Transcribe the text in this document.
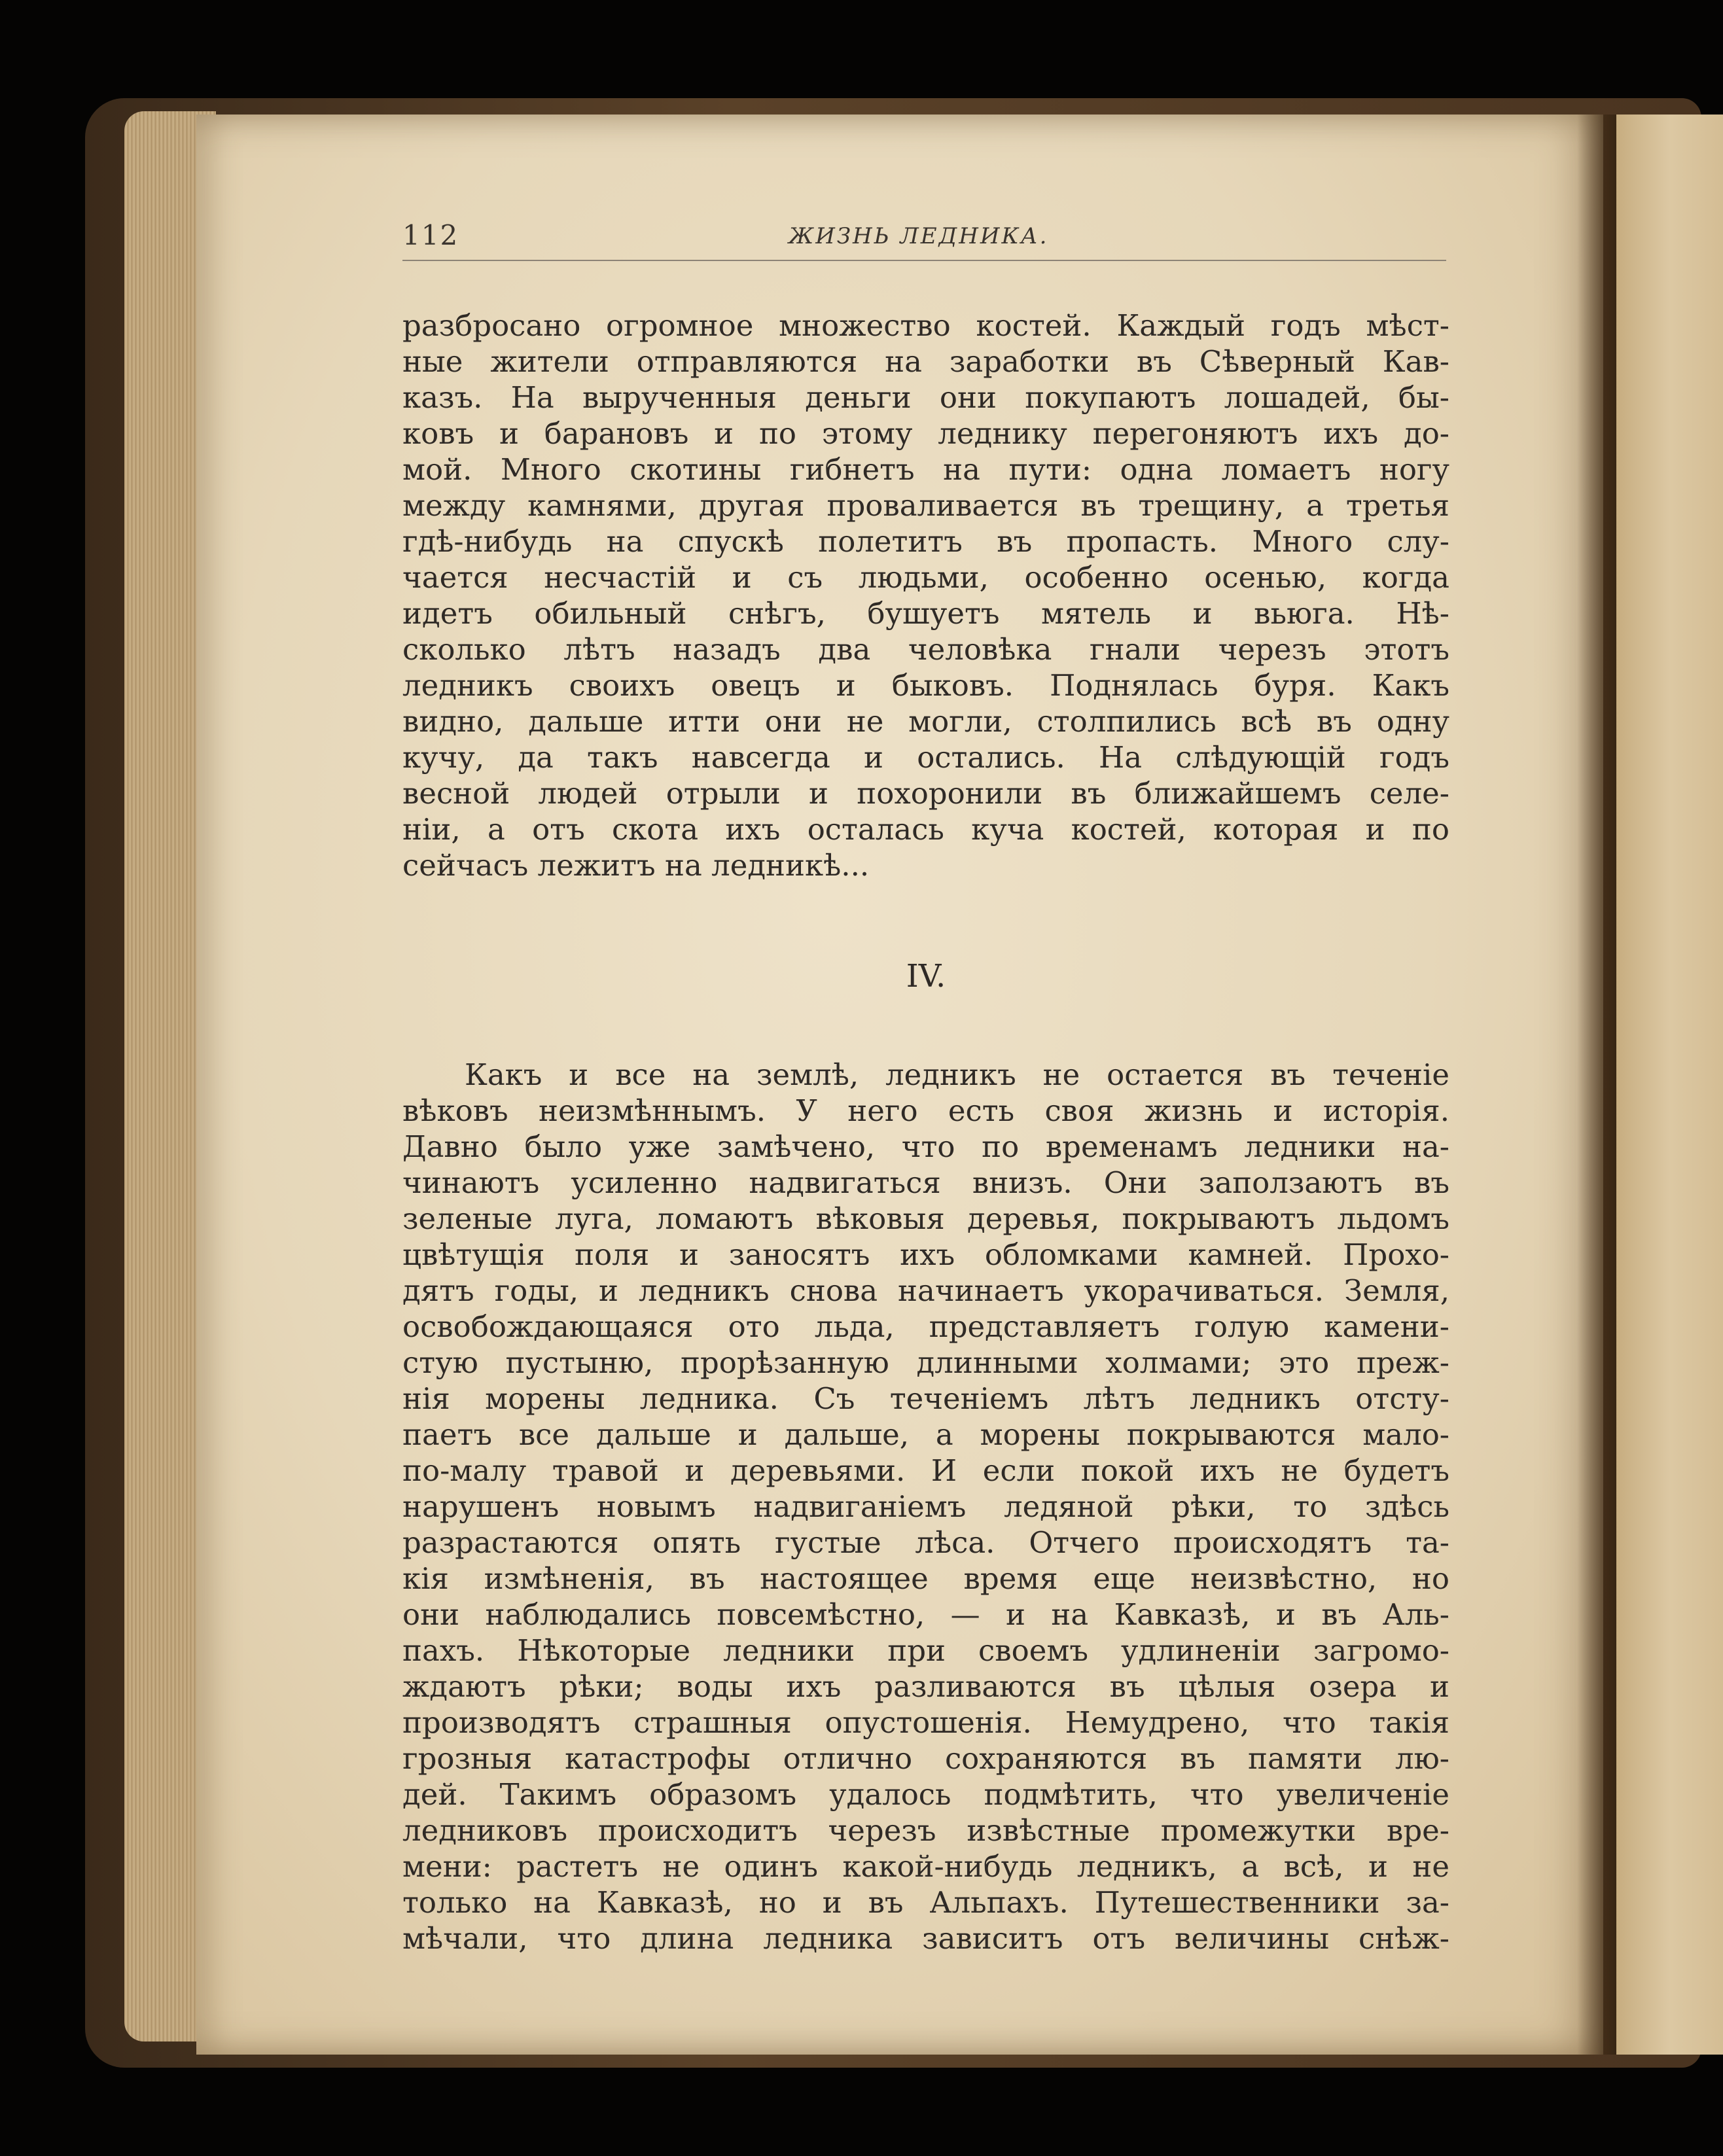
112	ЖИЗНЬ ЛЕДНИКА.
разбросано огромное множество костей. Каждый годъ мѣст-
ные жители отправляются на заработки въ Сѣверный Кав-
казъ. На вырученныя деньги они покупаютъ лошадей, бы-
ковъ и барановъ и по этому леднику перегоняютъ ихъ до-
мой. Много скотины гибнетъ на пути: одна ломаетъ ногу
между камнями, другая проваливается въ трещину, а третья
гдѣ-нибудь на спускѣ полетитъ въ пропасть. Много слу-
чается несчастій и съ людьми, особенно осенью, когда
идетъ обильный снѣгъ, бушуетъ мятель и вьюга. Нѣ-
сколько лѣтъ назадъ два человѣка гнали черезъ этотъ
ледникъ своихъ овецъ и быковъ. Поднялась буря. Какъ
видно, дальше итти они не могли, столпились всѣ въ одну
кучу, да такъ навсегда и остались. На слѣдующій годъ
весной людей отрыли и похоронили въ ближайшемъ селе-
ніи, а отъ скота ихъ осталась куча костей, которая и по
сейчасъ лежитъ на ледникѣ...
IV.
Какъ и все на землѣ, ледникъ не остается въ теченіе
вѣковъ неизмѣннымъ. У него есть своя жизнь и исторія.
Давно было уже замѣчено, что по временамъ ледники на-
чинаютъ усиленно надвигаться внизъ. Они заползаютъ въ
зеленые луга, ломаютъ вѣковыя деревья, покрываютъ льдомъ
цвѣтущія поля и заносятъ ихъ обломками камней. Прохо-
дятъ годы, и ледникъ снова начинаетъ укорачиваться. Земля,
освобождающаяся ото льда, представляетъ голую камени-
стую пустыню, прорѣзанную длинными холмами; это преж-
нія морены ледника. Съ теченіемъ лѣтъ ледникъ отсту-
паетъ все дальше и дальше, а морены покрываются мало-
по-малу травой и деревьями. И если покой ихъ не будетъ
нарушенъ новымъ надвиганіемъ ледяной рѣки, то здѣсь
разрастаются опять густые лѣса. Отчего происходятъ та-
кія измѣненія, въ настоящее время еще неизвѣстно, но
они наблюдались повсемѣстно, — и на Кавказѣ, и въ Аль-
пахъ. Нѣкоторые ледники при своемъ удлиненіи загромо-
ждаютъ рѣки; воды ихъ разливаются въ цѣлыя озера и
производятъ страшныя опустошенія. Немудрено, что такія
грозныя катастрофы отлично сохраняются въ памяти лю-
дей. Такимъ образомъ удалось подмѣтить, что увеличеніе
ледниковъ происходитъ черезъ извѣстные промежутки вре-
мени: растетъ не одинъ какой-нибудь ледникъ, а всѣ, и не
только на Кавказѣ, но и въ Альпахъ. Путешественники за-
мѣчали, что длина ледника зависитъ отъ величины снѣж-
